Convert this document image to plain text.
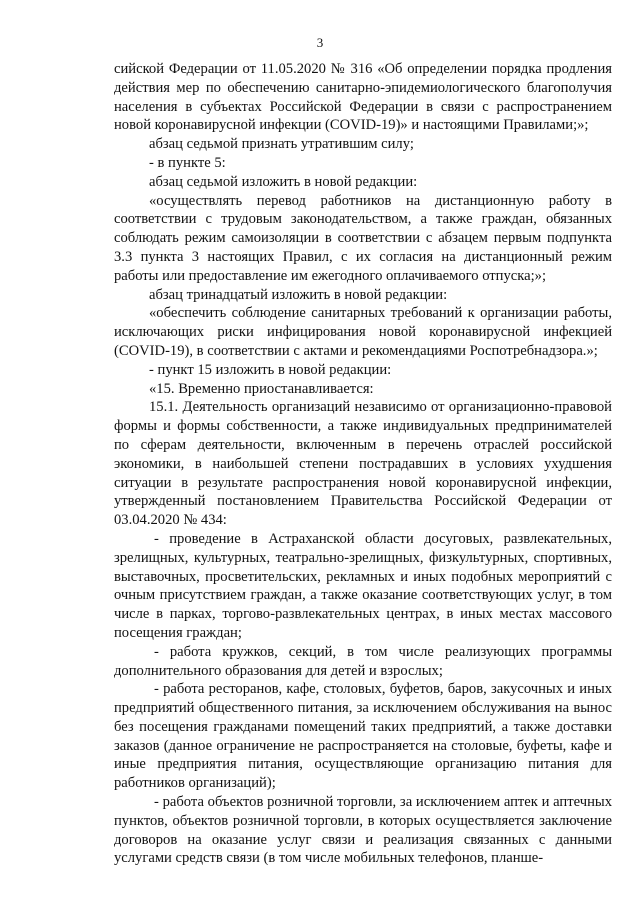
3

сийской Федерации от 11.05.2020 № 316 «Об определении порядка продления действия мер по обеспечению санитарно-эпидемиологического благополучия населения в субъектах Российской Федерации в связи с распространением новой коронавирусной инфекции (COVID-19)» и настоящими Правилами;»;

абзац седьмой признать утратившим силу;

- в пункте 5:

абзац седьмой изложить в новой редакции:

«осуществлять перевод работников на дистанционную работу в соответствии с трудовым законодательством, а также граждан, обязанных соблюдать режим самоизоляции в соответствии с абзацем первым подпункта 3.3 пункта 3 настоящих Правил, с их согласия на дистанционный режим работы или предоставление им ежегодного оплачиваемого отпуска;»;

абзац тринадцатый изложить в новой редакции:

«обеспечить соблюдение санитарных требований к организации работы, исключающих риски инфицирования новой коронавирусной инфекцией (COVID-19), в соответствии с актами и рекомендациями Роспотребнадзора.»;

- пункт 15 изложить в новой редакции:

«15. Временно приостанавливается:

15.1. Деятельность организаций независимо от организационно-правовой формы и формы собственности, а также индивидуальных предпринимателей по сферам деятельности, включенным в перечень отраслей российской экономики, в наибольшей степени пострадавших в условиях ухудшения ситуации в результате распространения новой коронавирусной инфекции, утвержденный постановлением Правительства Российской Федерации от 03.04.2020 № 434:

- проведение в Астраханской области досуговых, развлекательных, зрелищных, культурных, театрально-зрелищных, физкультурных, спортивных, выставочных, просветительских, рекламных и иных подобных мероприятий с очным присутствием граждан, а также оказание соответствующих услуг, в том числе в парках, торгово-развлекательных центрах, в иных местах массового посещения граждан;

- работа кружков, секций, в том числе реализующих программы дополнительного образования для детей и взрослых;

- работа ресторанов, кафе, столовых, буфетов, баров, закусочных и иных предприятий общественного питания, за исключением обслуживания на вынос без посещения гражданами помещений таких предприятий, а также доставки заказов (данное ограничение не распространяется на столовые, буфеты, кафе и иные предприятия питания, осуществляющие организацию питания для работников организаций);

- работа объектов розничной торговли, за исключением аптек и аптечных пунктов, объектов розничной торговли, в которых осуществляется заключение договоров на оказание услуг связи и реализация связанных с данными услугами средств связи (в том числе мобильных телефонов, планше-
